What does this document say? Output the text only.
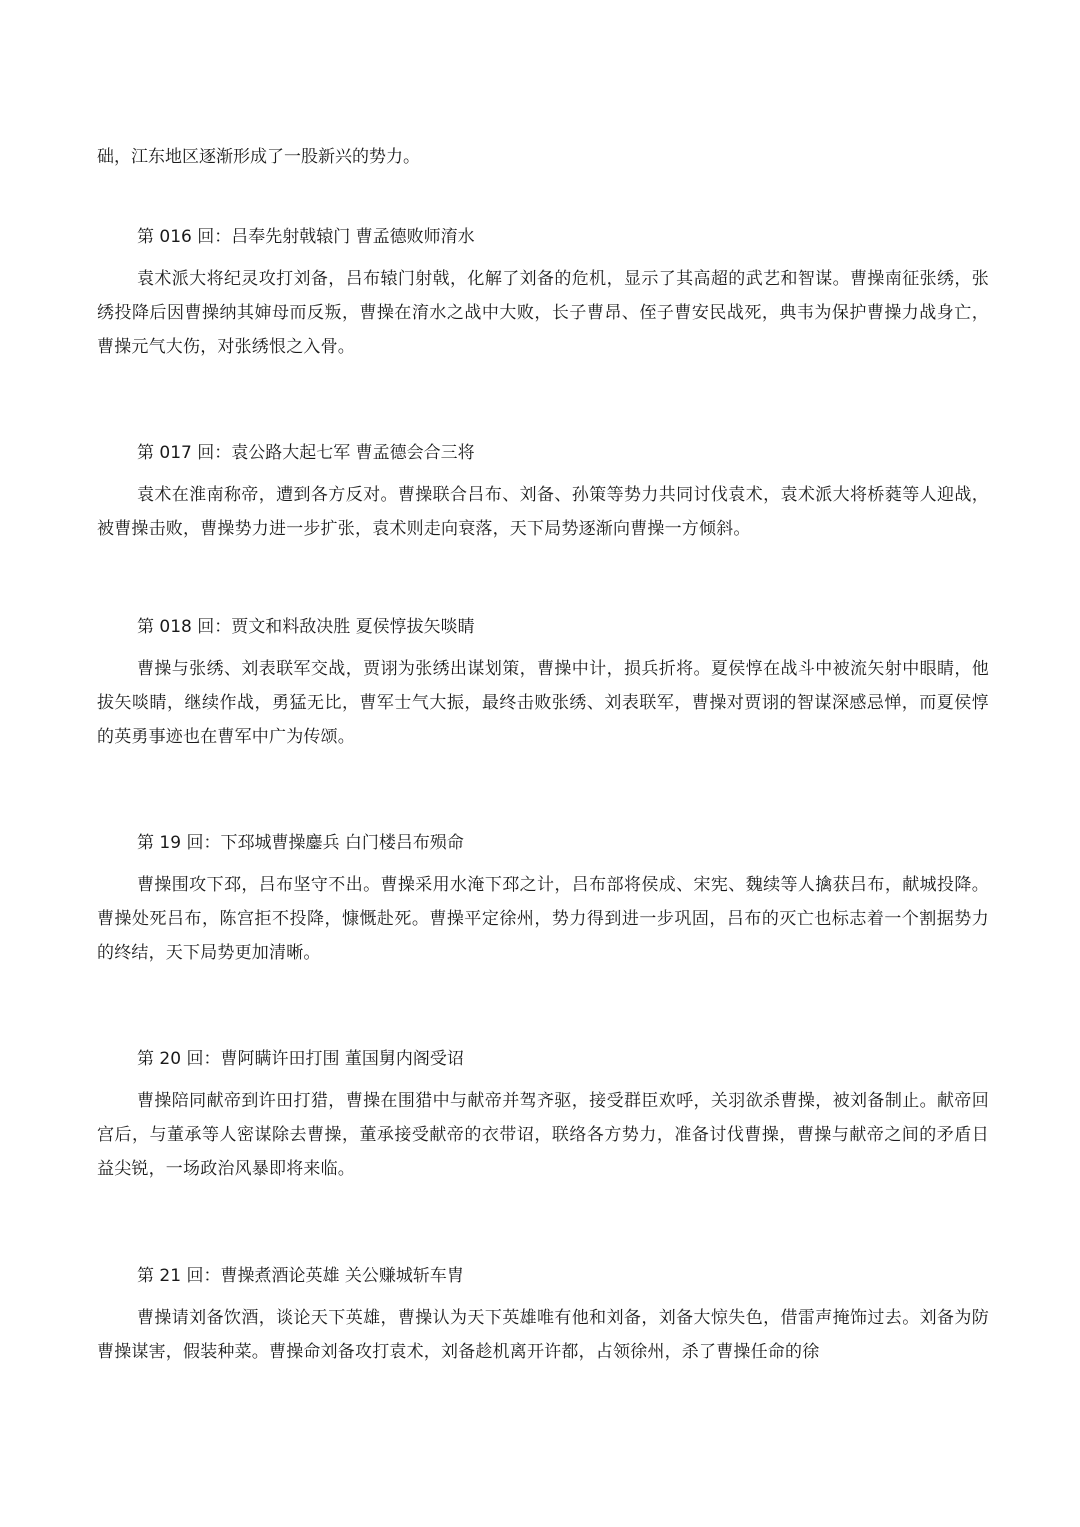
础，江东地区逐渐形成了一股新兴的势力。

第 016 回：吕奉先射戟辕门 曹孟德败师淯水

袁术派大将纪灵攻打刘备，吕布辕门射戟，化解了刘备的危机，显示了其高超的武艺和智谋。曹操南征张绣，张绣投降后因曹操纳其婶母而反叛，曹操在淯水之战中大败，长子曹昂、侄子曹安民战死，典韦为保护曹操力战身亡，曹操元气大伤，对张绣恨之入骨。

第 017 回：袁公路大起七军 曹孟德会合三将

袁术在淮南称帝，遭到各方反对。曹操联合吕布、刘备、孙策等势力共同讨伐袁术，袁术派大将桥蕤等人迎战，被曹操击败，曹操势力进一步扩张，袁术则走向衰落，天下局势逐渐向曹操一方倾斜。

第 018 回：贾文和料敌决胜 夏侯惇拔矢啖睛

曹操与张绣、刘表联军交战，贾诩为张绣出谋划策，曹操中计，损兵折将。夏侯惇在战斗中被流矢射中眼睛，他拔矢啖睛，继续作战，勇猛无比，曹军士气大振，最终击败张绣、刘表联军，曹操对贾诩的智谋深感忌惮，而夏侯惇的英勇事迹也在曹军中广为传颂。

第 19 回：下邳城曹操鏖兵 白门楼吕布殒命

曹操围攻下邳，吕布坚守不出。曹操采用水淹下邳之计，吕布部将侯成、宋宪、魏续等人擒获吕布，献城投降。曹操处死吕布，陈宫拒不投降，慷慨赴死。曹操平定徐州，势力得到进一步巩固，吕布的灭亡也标志着一个割据势力的终结，天下局势更加清晰。

第 20 回：曹阿瞒许田打围 董国舅内阁受诏

曹操陪同献帝到许田打猎，曹操在围猎中与献帝并驾齐驱，接受群臣欢呼，关羽欲杀曹操，被刘备制止。献帝回宫后，与董承等人密谋除去曹操，董承接受献帝的衣带诏，联络各方势力，准备讨伐曹操，曹操与献帝之间的矛盾日益尖锐，一场政治风暴即将来临。

第 21 回：曹操煮酒论英雄 关公赚城斩车胄

曹操请刘备饮酒，谈论天下英雄，曹操认为天下英雄唯有他和刘备，刘备大惊失色，借雷声掩饰过去。刘备为防曹操谋害，假装种菜。曹操命刘备攻打袁术，刘备趁机离开许都，占领徐州，杀了曹操任命的徐
